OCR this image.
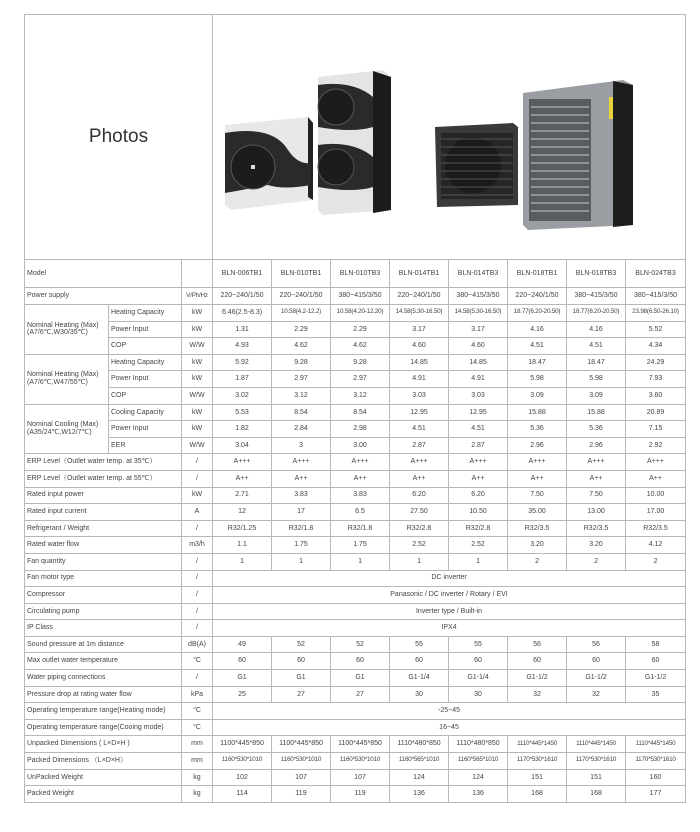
Photos	

Model			BLN-006TB1	BLN-010TB1	BLN-010TB3	BLN-014TB1	BLN-014TB3	BLN-018TB1	BLN-018TB3	BLN-024TB3
Power supply		V/Ph/Hz	220~240/1/50	220~240/1/50	380~415/3/50	220~240/1/50	380~415/3/50	220~240/1/50	380~415/3/50	380~415/3/50
Nominal Heating (Max) (A7/6℃,W30/35℃)	Heating Capacity	kW	6.46(2.5-8.3)	10.58(4.2-12.2)	10.58(4.20-12.20)	14.58(5.30-16.50)	14.58(5.30-16.50)	18.77(6.20-20.50)	18.77(6.20-20.50)	23.98(6.50-26.10)
	Power Input	kW	1.31	2.29	2.29	3.17	3.17	4.16	4.16	5.52
	COP	W/W	4.93	4.62	4.62	4.60	4.60	4.51	4.51	4.34
Nominal Heating (Max) (A7/6℃,W47/55℃)	Heating Capacity	kW	5.92	9.28	9.28	14.85	14.85	18.47	18.47	24.29
	Power Input	kW	1.87	2.97	2.97	4.91	4.91	5.98	5.98	7.93
	COP	W/W	3.02	3.12	3.12	3.03	3.03	3.09	3.09	3.60
Nominal Cooling (Max) (A35/24℃,W12/7℃)	Cooling Capacity	kW	5.53	8.54	8.54	12.95	12.95	15.88	15.88	20.89
	Power Input	kW	1.82	2.84	2.98	4.51	4.51	5.36	5.36	7.15
	EER	W/W	3.04	3	3.00	2.87	2.87	2.96	2.96	2.92
ERP Level（Outlet water temp. at 35℃）		/	A+++	A+++	A+++	A+++	A+++	A+++	A+++	A+++
ERP Level（Outlet water temp. at 55℃）		/	A++	A++	A++	A++	A++	A++	A++	A++
Rated input power		kW	2.71	3.83	3.83	6.20	6.20	7.50	7.50	10.00
Rated input current		A	12	17	6.5	27.50	10.50	35.00	13.00	17.00
Refrigerant / Weight		/	R32/1.25	R32/1.8	R32/1.8	R32/2.8	R32/2.8	R32/3.5	R32/3.5	R32/3.5
Rated water flow		m3/h	1.1	1.75	1.75	2.52	2.52	3.20	3.20	4.12
Fan quantity		/	1	1	1	1	1	2	2	2
Fan motor type		/	DC inverter							
Compressor		/	Panasonic / DC inverter / Rotary / EVI							
Circulating pump		/	Inverter type / Built-in							
IP Class		/	IPX4							
Sound pressure at 1m distance		dB(A)	49	52	52	55	55	56	56	58
Max outlet water temperature		°C	60	60	60	60	60	60	60	60
Water piping connections		/	G1	G1	G1	G1-1/4	G1-1/4	G1-1/2	G1-1/2	G1-1/2
Pressure drop at rating water flow		kPa	25	27	27	30	30	32	32	35
Operating temperature range(Heating mode)		°C	-25~45							
Operating temperature range(Cooing mode)		°C	16~45							
Unpacked Dimensions ( L×D×H )		mm	1100*445*850	1100*445*850	1100*445*850	1110*480*850	1110*480*850	1110*445*1450	1110*445*1450	1110*445*1450
Packed Dimensions （L×D×H）		mm	1160*530*1010	1160*530*1010	1160*530*1010	1160*565*1010	1160*565*1010	1170*530*1610	1170*530*1610	1170*530*1610
UnPacked Weight		kg	102	107	107	124	124	151	151	160
Packed Weight		kg	114	119	119	136	136	168	168	177
